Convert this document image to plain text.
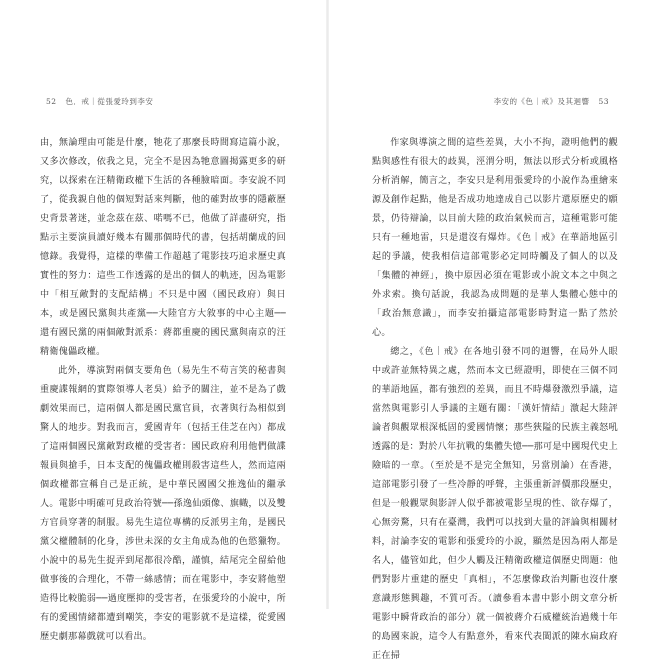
52 色．戒｜從張愛玲到李安

由，無論理由可能是什麼，牠花了那麼長時間寫這篇小說，又多次修改，依我之見，完全不是因為牠意圖揭露更多的研究，以探索在汪精衛政權下生活的各種臉暗面。李安說不同了，從我親自他的個短對話來判斷，他的確對故事的隱蔽歷史背景著迷，並念茲在茲、喏嗎不已，他做了詳盡研究，指點示主要演員讀好幾本有關那個時代的書，包括胡蘭成的回憶錄。我覺得，這樣的準備工作超越了電影技巧追求歷史真實性的努力：這些工作透露的是出的個人的軌迹，因為電影中「相互敵對的支配結構」不只是中國（國民政府）與日本，或是國民黨與共產黨──大陸官方大敘事的中心主題──還有國民黨的兩個敵對派系：蔣都重慶的國民黨與南京的汪精衛傀儡政權。

此外，導演對兩個支要角色（易先生不苟言笑的秘書與重慶諜報網的實際領導人老吳）給予的關注，並不是為了戲劇效果而已，這兩個人都是國民黨官員，衣著與行為相似到驚人的地步。對我而言，愛國青年（包括王佳芝在內）都成了這兩個國民黨敵對政權的受害者：國民政府利用他們做諜報員與搶手，日本支配的傀儡政權則殺害這些人，然而這兩個政權都宣稱自己是正統，是中華民國國父推逸仙的繼承人。電影中明確可見政治符號──孫逸仙頭像、旗幟，以及雙方官員穿著的制服。易先生這位專構的反派男主角，是國民黨父權體制的化身，涉世未深的女主角成為他的色慾獵物。小說中的易先生捉弄到尾都很冷酷，謹慎，結尾完全留給他做事後的合理化，不帶一絲感情；而在電影中，李安將他塑造得比較脆弱──過度壓抑的受害者，在張愛玲的小說中，所有的愛國情緒都遭到嘲笑，李安的電影就不是這樣，從愛國歷史劇那幕戲就可以看出。

李安的《色｜戒》及其迴響 53

作家與導演之間的這些差異，大小不拘，證明他們的觀點與感性有很大的歧異，涇渭分明，無法以形式分析或風格分析消解，簡言之，李安只是利用張愛玲的小說作為重繪來源及創作起點，他是否成功地達成自己以影片還原歷史的願景，仍待辯論，以目前大陸的政治氣候而言，這種電影可能只有一種地雷，只是還沒有爆炸。《色｜戒》在華語地區引起的爭議，使我相信這部電影必定同時觸及了個人的以及「集體的神經」，換中原因必須在電影或小說文本之中與之外求索。換句話說，我認為成問題的是華人集體心態中的「政治無意識」，而李安拍攝這部電影時對這一點了然於心。

總之，《色｜戒》在各地引發不同的迴響，在局外人眼中或許並無特異之處，然而本文已經證明，即使在三個不同的華語地區，都有強烈的差異，而且不時爆發激烈爭議，這當然與電影引人爭議的主題有關：「漢奸情結」激起大陸評論者與觀眾根深柢固的愛國情懷；那些狹隘的民族主義怒吼透露的是：對於八年抗戰的集體失憶──那可是中國現代史上險暗的一章。（至於是不是完全無知，另當別論）在香港，這部電影引發了一些冷靜的呼聲，主張重新評價那段歷史，但是一般觀眾與影評人似乎都被電影呈現的性、欲存爆了，心無旁騖，只有在臺灣，我們可以找到大量的評論與相關材料，討論李安的電影和張愛玲的小說，顯然是因為兩人都是名人，儘管如此，但少人觸及汪精衛政權這個歷史問題：他們對影片重建的歷史「真相」，不怎麼像政治判斷也沒什麼意識形態興趣，不質可否。（讀參看本書中影小朗文章分析電影中瞬背政治的部分）就一個被蔣介石威權統治過幾十年的島國來說，這令人有點意外，看來代表閩派的陳水扁政府正在掃
